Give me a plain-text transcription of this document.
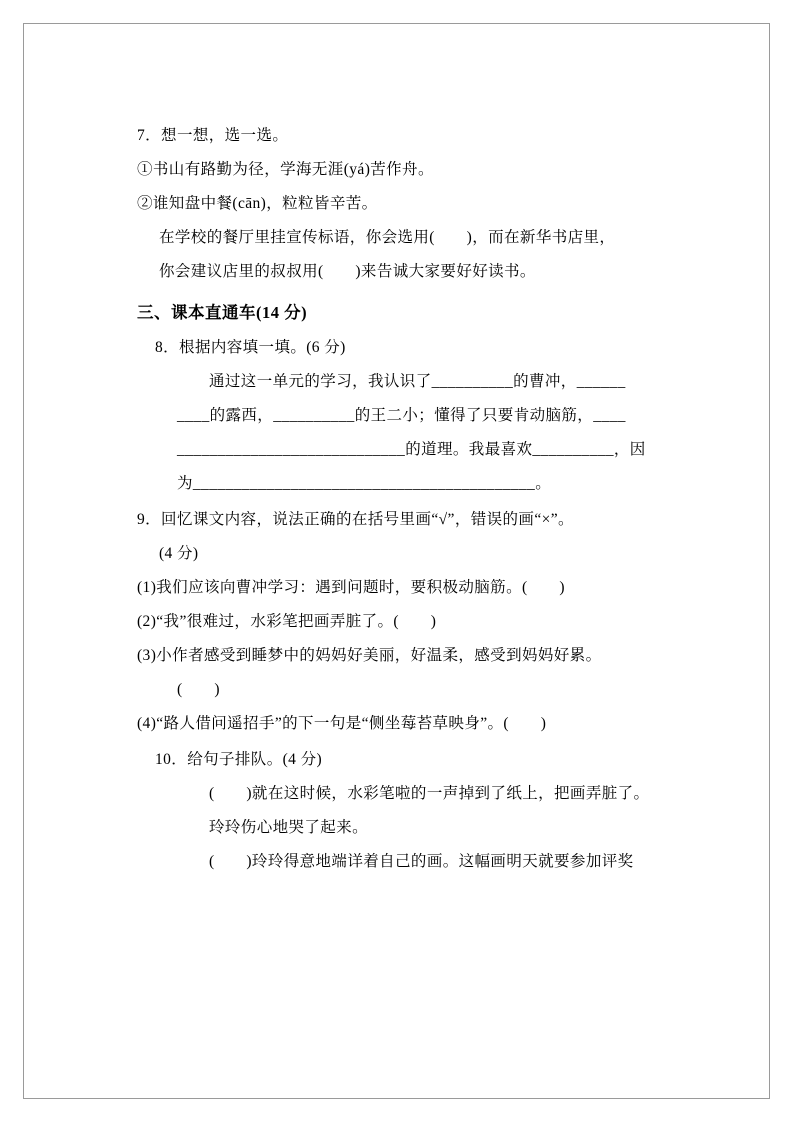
7．想一想，选一选。
①书山有路勤为径，学海无涯(yá)苦作舟。
②谁知盘中餐(cān)，粒粒皆辛苦。
在学校的餐厅里挂宣传标语，你会选用(　　)，而在新华书店里，
你会建议店里的叔叔用(　　)来告诚大家要好好读书。
三、课本直通车(14 分)
8．根据内容填一填。(6 分)
通过这一单元的学习，我认识了__________的曹冲，______
____的露西，__________的王二小；懂得了只要肯动脑筋，____
____________________________的道理。我最喜欢__________，因
为__________________________________________。
9．回忆课文内容，说法正确的在括号里画“√”，错误的画“×”。
(4 分)
(1)我们应该向曹冲学习：遇到问题时，要积极动脑筋。(　　)
(2)“我”很难过，水彩笔把画弄脏了。(　　)
(3)小作者感受到睡梦中的妈妈好美丽，好温柔，感受到妈妈好累。
(　　)
(4)“路人借问遥招手”的下一句是“侧坐莓苔草映身”。(　　)
10．给句子排队。(4 分)
(　　)就在这时候，水彩笔啦的一声掉到了纸上，把画弄脏了。
玲玲伤心地哭了起来。
(　　)玲玲得意地端详着自己的画。这幅画明天就要参加评奖
